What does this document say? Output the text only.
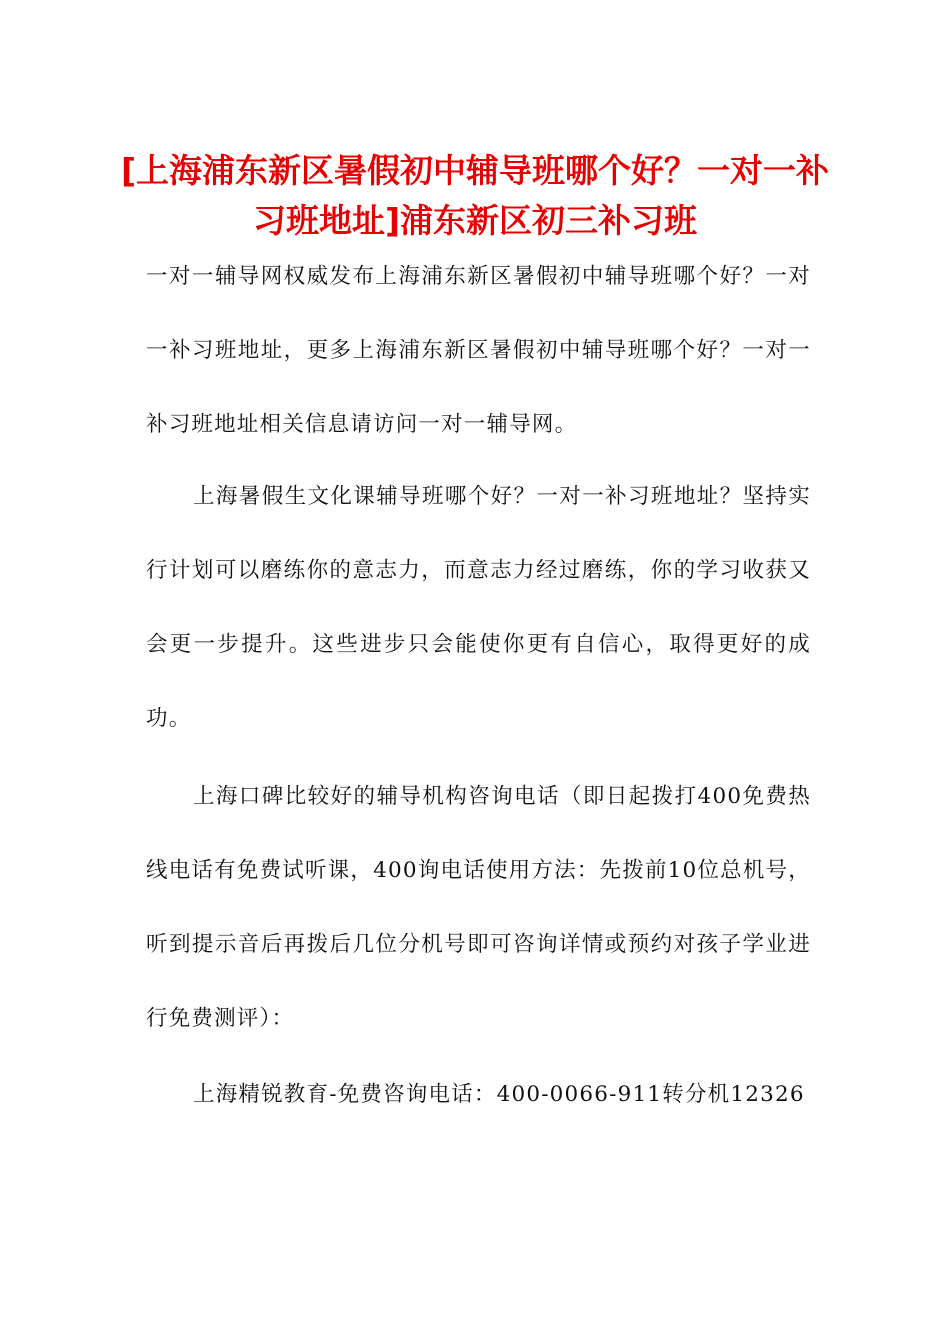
[上海浦东新区暑假初中辅导班哪个好？一对一补习班地址]浦东新区初三补习班

一对一辅导网权威发布上海浦东新区暑假初中辅导班哪个好？一对一补习班地址，更多上海浦东新区暑假初中辅导班哪个好？一对一补习班地址相关信息请访问一对一辅导网。

上海暑假生文化课辅导班哪个好？一对一补习班地址？坚持实行计划可以磨练你的意志力，而意志力经过磨练，你的学习收获又会更一步提升。这些进步只会能使你更有自信心，取得更好的成功。

上海口碑比较好的辅导机构咨询电话（即日起拨打400免费热线电话有免费试听课，400询电话使用方法：先拨前10位总机号，听到提示音后再拨后几位分机号即可咨询详情或预约对孩子学业进行免费测评）：

上海精锐教育-免费咨询电话：400-0066-911转分机12326
